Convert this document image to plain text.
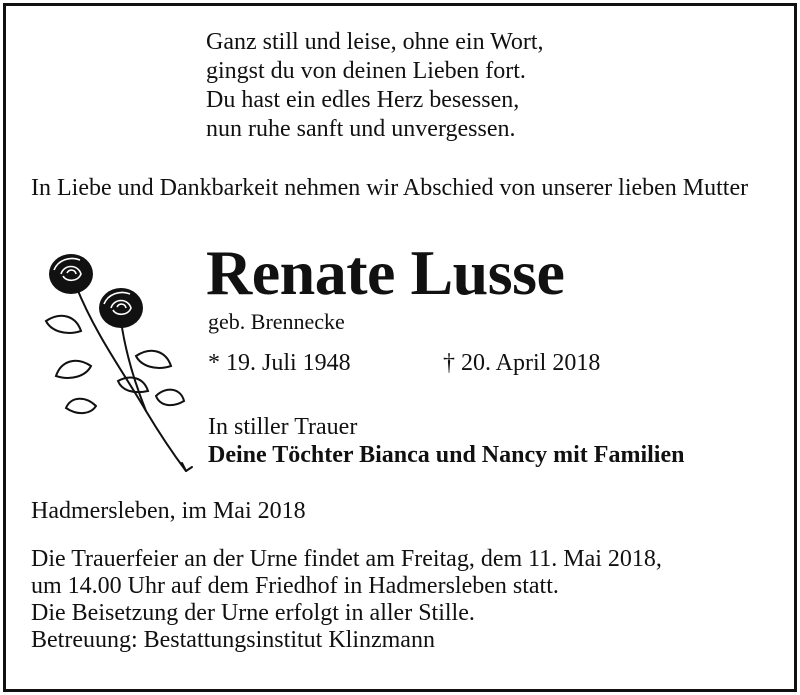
Ganz still und leise, ohne ein Wort,
gingst du von deinen Lieben fort.
Du hast ein edles Herz besessen,
nun ruhe sanft und unvergessen.
In Liebe und Dankbarkeit nehmen wir Abschied von unserer lieben Mutter
Renate Lusse
geb. Brennecke
* 19. Juli 1948	† 20. April 2018
In stiller Trauer
Deine Töchter Bianca und Nancy mit Familien
Hadmersleben, im Mai 2018
Die Trauerfeier an der Urne findet am Freitag, dem 11. Mai 2018,
um 14.00 Uhr auf dem Friedhof in Hadmersleben statt.
Die Beisetzung der Urne erfolgt in aller Stille.
Betreuung: Bestattungsinstitut Klinzmann
